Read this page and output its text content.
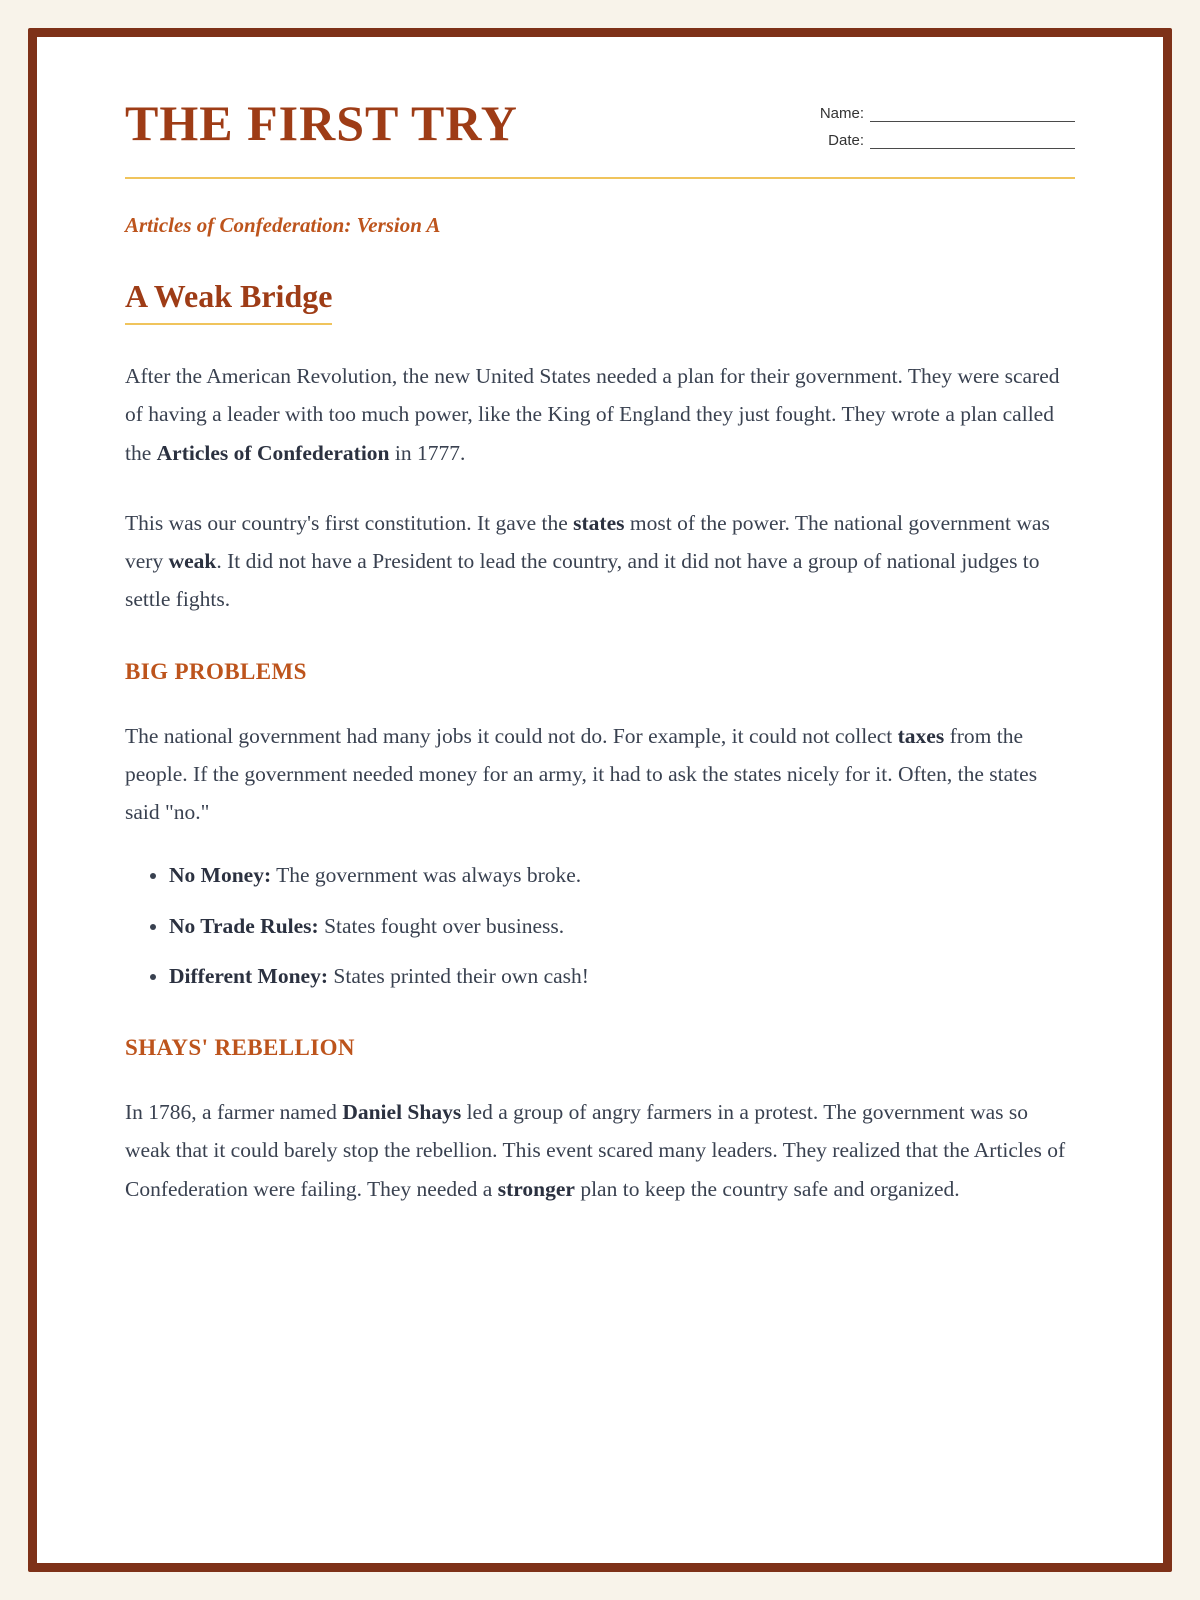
THE FIRST TRY	Name:
Date:
Articles of Confederation: Version A
A Weak Bridge

After the American Revolution, the new United States needed a plan for their government. They were scared of having a leader with too much power, like the King of England they just fought. They wrote a plan called the Articles of Confederation in 1777.

This was our country's first constitution. It gave the states most of the power. The national government was very weak. It did not have a President to lead the country, and it did not have a group of national judges to settle fights.

BIG PROBLEMS

The national government had many jobs it could not do. For example, it could not collect taxes from the people. If the government needed money for an army, it had to ask the states nicely for it. Often, the states said "no."

• No Money: The government was always broke.
• No Trade Rules: States fought over business.
• Different Money: States printed their own cash!
SHAYS' REBELLION

In 1786, a farmer named Daniel Shays led a group of angry farmers in a protest. The government was so weak that it could barely stop the rebellion. This event scared many leaders. They realized that the Articles of Confederation were failing. They needed a stronger plan to keep the country safe and organized.
